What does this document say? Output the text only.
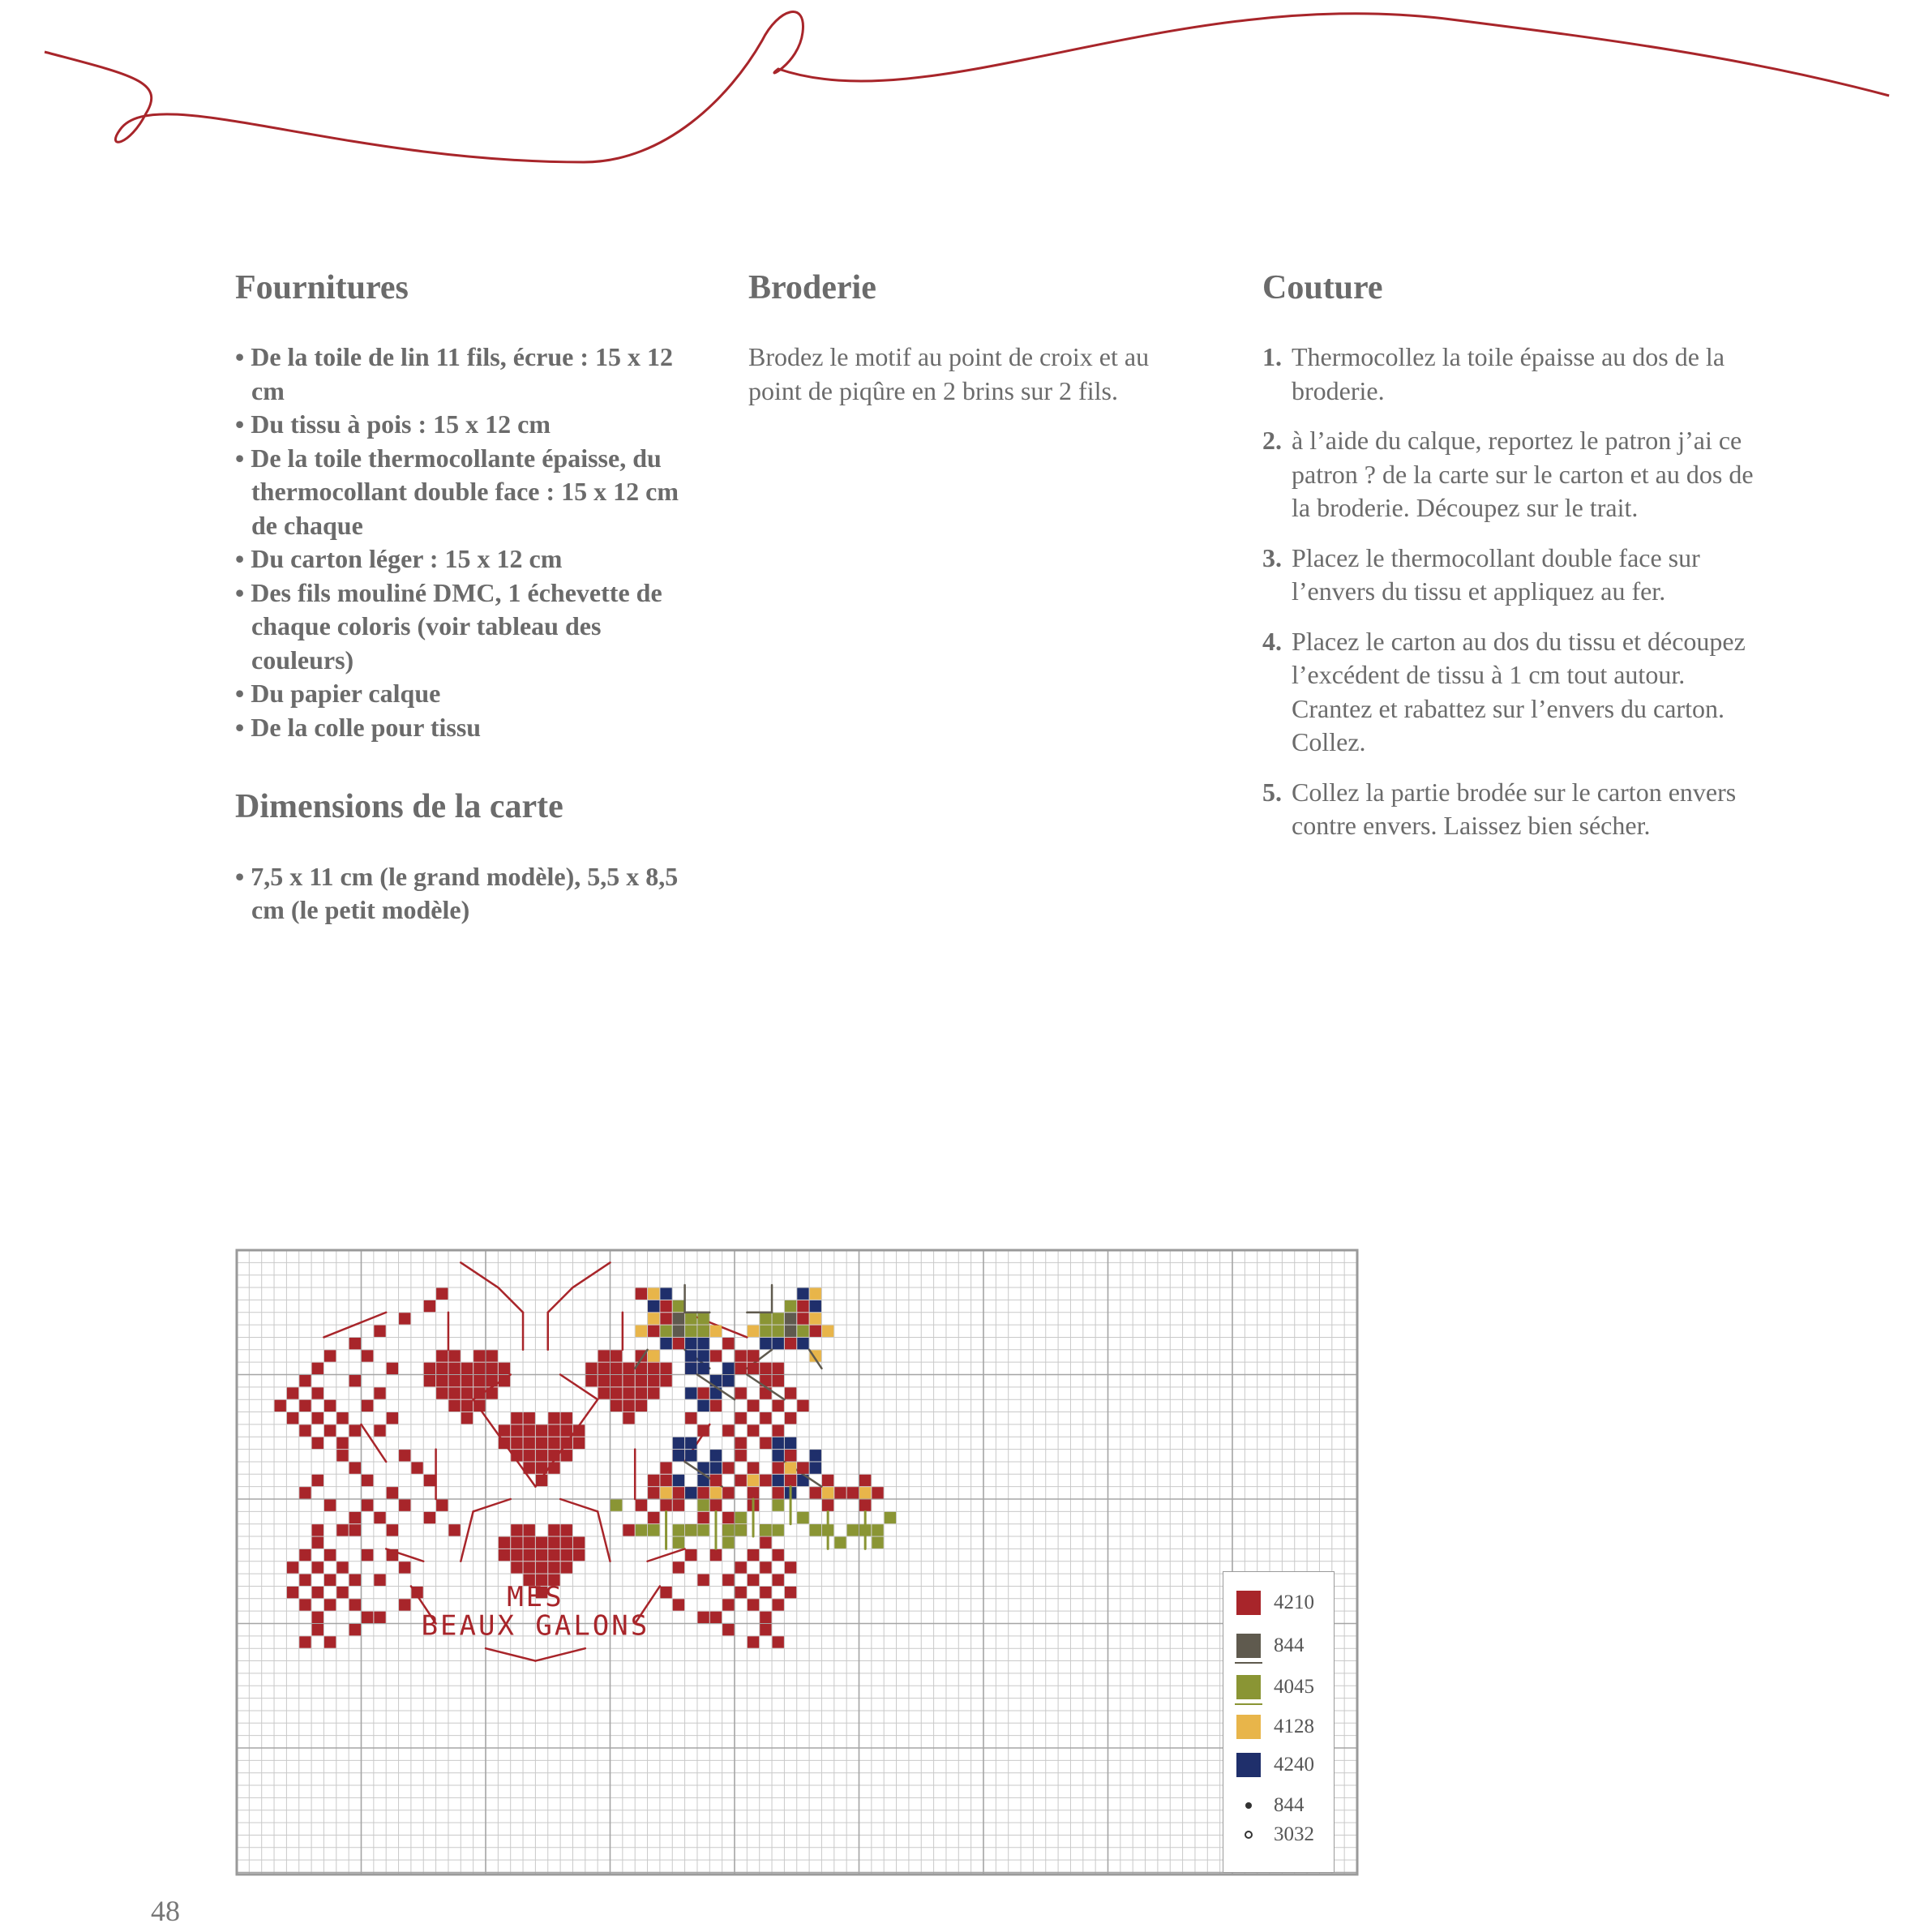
Fournitures
• De la toile de lin 11 fils, écrue : 15 x 12 cm
• Du tissu à pois : 15 x 12 cm
• De la toile thermocollante épaisse, du thermocollant double face : 15 x 12 cm de chaque
• Du carton léger : 15 x 12 cm
• Des fils mouliné DMC, 1 échevette de chaque coloris (voir tableau des couleurs)
• Du papier calque
• De la colle pour tissu
Dimensions de la carte
• 7,5 x 11 cm (le grand modèle), 5,5 x 8,5 cm (le petit modèle)
Broderie

Brodez le motif au point de croix et au point de piqûre en 2 brins sur 2 fils.

Couture
1. Thermocollez la toile épaisse au dos de la broderie.
2. à l’aide du calque, reportez le patron j’ai ce patron ? de la carte sur le carton et au dos de la broderie. Découpez sur le trait.
3. Placez le thermocollant double face sur l’envers du tissu et appliquez au fer.
4. Placez le carton au dos du tissu et découpez l’excédent de tissu à 1 cm tout autour. Crantez et rabattez sur l’envers du carton. Collez.
5. Collez la partie brodée sur le carton envers contre envers. Laissez bien sécher.
MES
BEAUX GALONS
4210
844
4045
4128
4240
844
3032
48
